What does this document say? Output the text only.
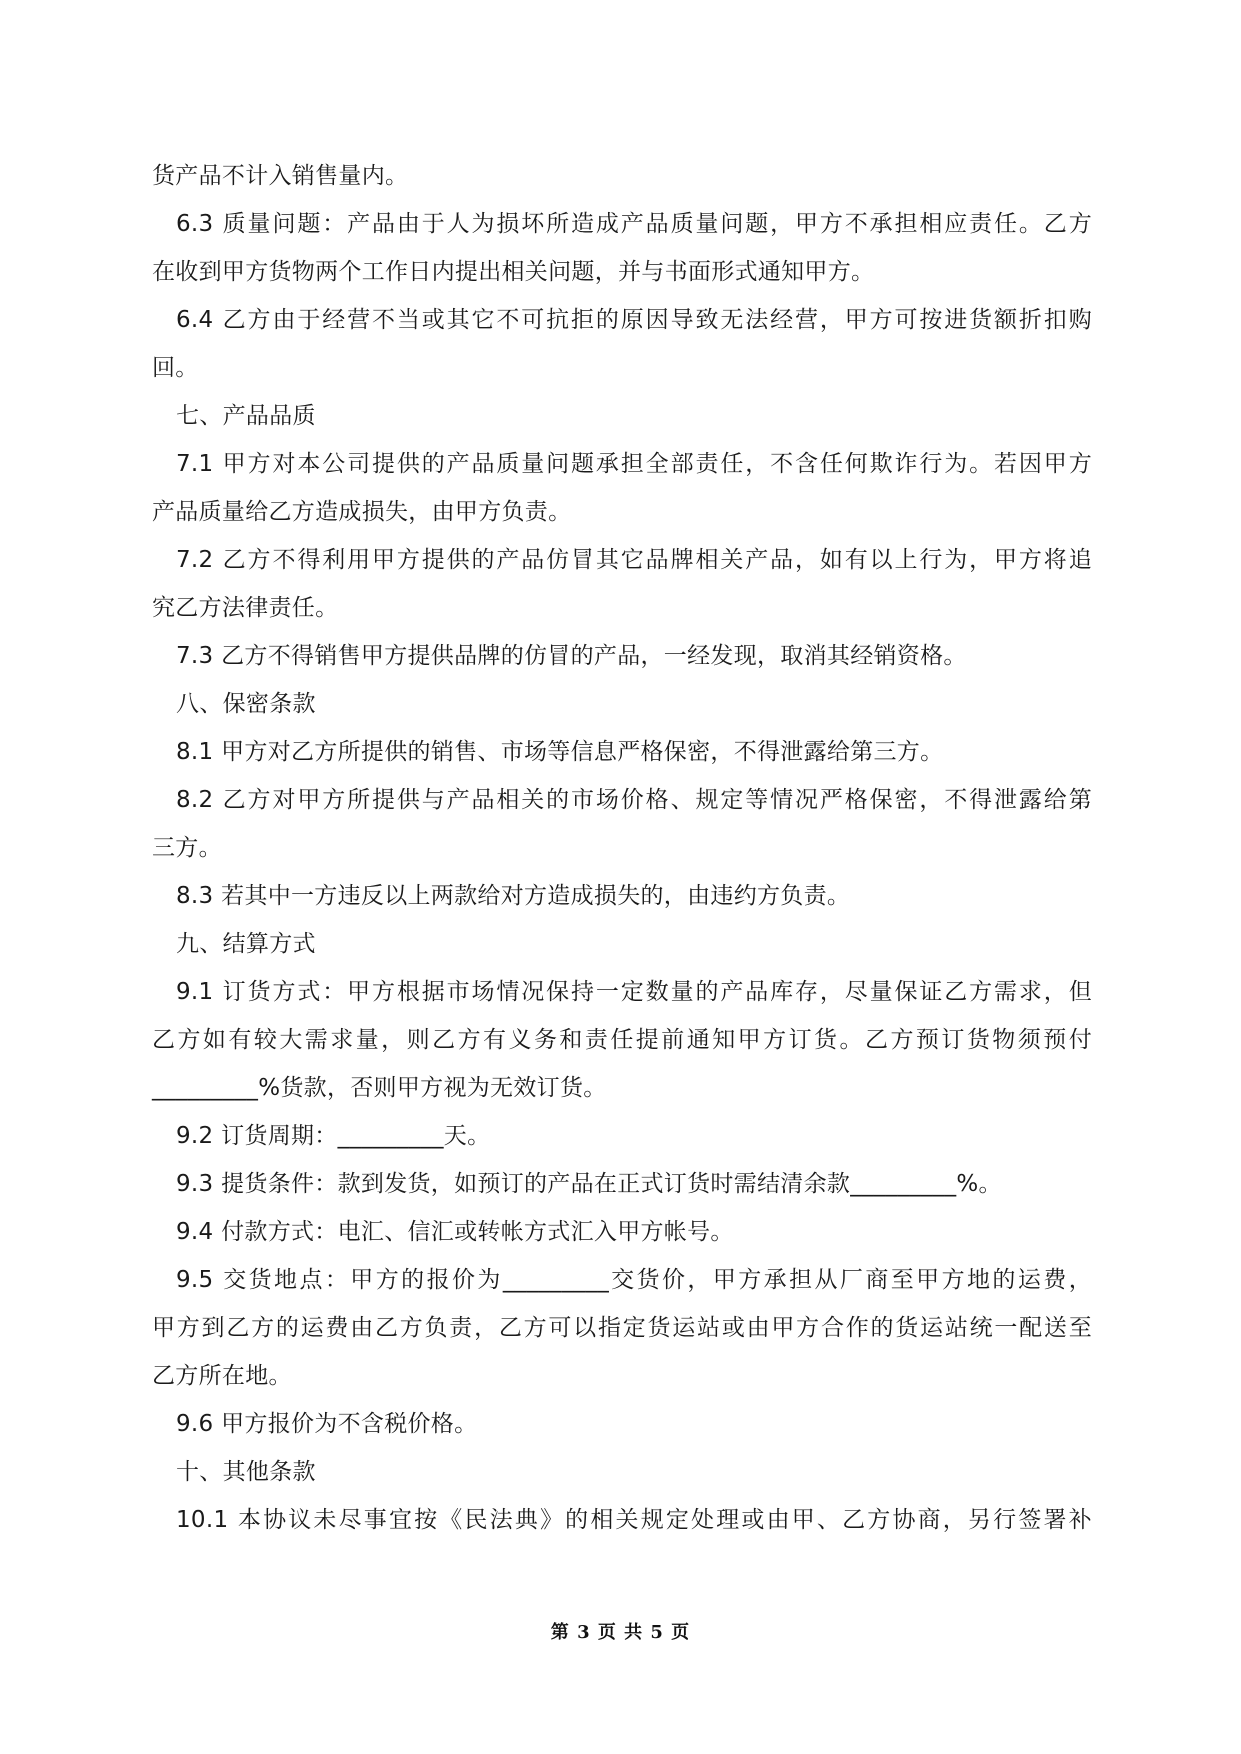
货产品不计入销售量内。
6.3 质量问题：产品由于人为损坏所造成产品质量问题，甲方不承担相应责任。乙方
在收到甲方货物两个工作日内提出相关问题，并与书面形式通知甲方。
6.4 乙方由于经营不当或其它不可抗拒的原因导致无法经营，甲方可按进货额折扣购
回。
七、产品品质
7.1 甲方对本公司提供的产品质量问题承担全部责任，不含任何欺诈行为。若因甲方
产品质量给乙方造成损失，由甲方负责。
7.2 乙方不得利用甲方提供的产品仿冒其它品牌相关产品，如有以上行为，甲方将追
究乙方法律责任。
7.3 乙方不得销售甲方提供品牌的仿冒的产品，一经发现，取消其经销资格。
八、保密条款
8.1 甲方对乙方所提供的销售、市场等信息严格保密，不得泄露给第三方。
8.2 乙方对甲方所提供与产品相关的市场价格、规定等情况严格保密，不得泄露给第
三方。
8.3 若其中一方违反以上两款给对方造成损失的，由违约方负责。
九、结算方式
9.1 订货方式：甲方根据市场情况保持一定数量的产品库存，尽量保证乙方需求，但
乙方如有较大需求量，则乙方有义务和责任提前通知甲方订货。乙方预订货物须预付
_________%货款，否则甲方视为无效订货。
9.2 订货周期：_________天。
9.3 提货条件：款到发货，如预订的产品在正式订货时需结清余款_________%。
9.4 付款方式：电汇、信汇或转帐方式汇入甲方帐号。
9.5 交货地点：甲方的报价为_________交货价，甲方承担从厂商至甲方地的运费，
甲方到乙方的运费由乙方负责，乙方可以指定货运站或由甲方合作的货运站统一配送至
乙方所在地。
9.6 甲方报价为不含税价格。
十、其他条款
10.1 本协议未尽事宜按《民法典》的相关规定处理或由甲、乙方协商，另行签署补
第 3 页 共 5 页
